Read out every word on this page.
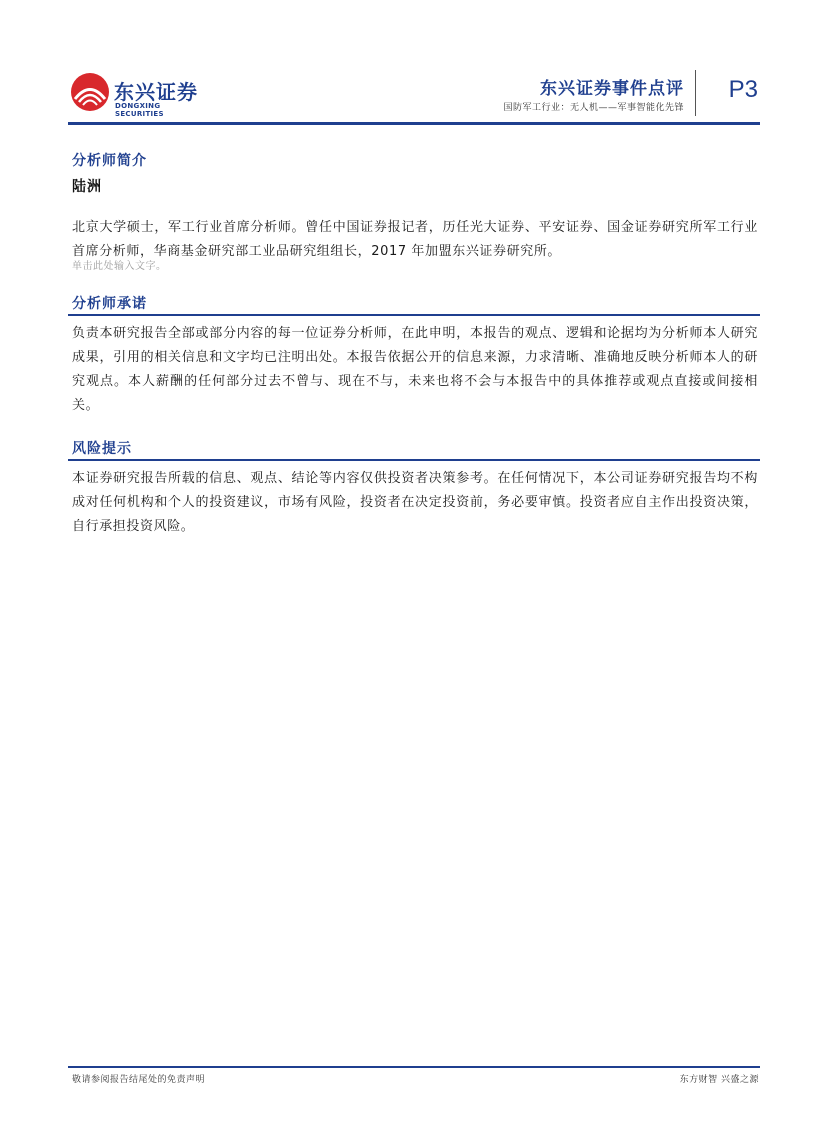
东兴证券
DONGXING SECURITIES
东兴证券事件点评
国防军工行业：无人机——军事智能化先锋
P3
分析师简介
陆洲
北京大学硕士，军工行业首席分析师。曾任中国证券报记者，历任光大证券、平安证券、国金证券研究所军工行业首席分析师，华商基金研究部工业品研究组组长，2017 年加盟东兴证券研究所。
单击此处输入文字。
分析师承诺
负责本研究报告全部或部分内容的每一位证券分析师，在此申明，本报告的观点、逻辑和论据均为分析师本人研究成果，引用的相关信息和文字均已注明出处。本报告依据公开的信息来源，力求清晰、准确地反映分析师本人的研究观点。本人薪酬的任何部分过去不曾与、现在不与，未来也将不会与本报告中的具体推荐或观点直接或间接相关。
风险提示
本证券研究报告所载的信息、观点、结论等内容仅供投资者决策参考。在任何情况下，本公司证券研究报告均不构成对任何机构和个人的投资建议，市场有风险，投资者在决定投资前，务必要审慎。投资者应自主作出投资决策，自行承担投资风险。
敬请参阅报告结尾处的免责声明	东方财智 兴盛之源
